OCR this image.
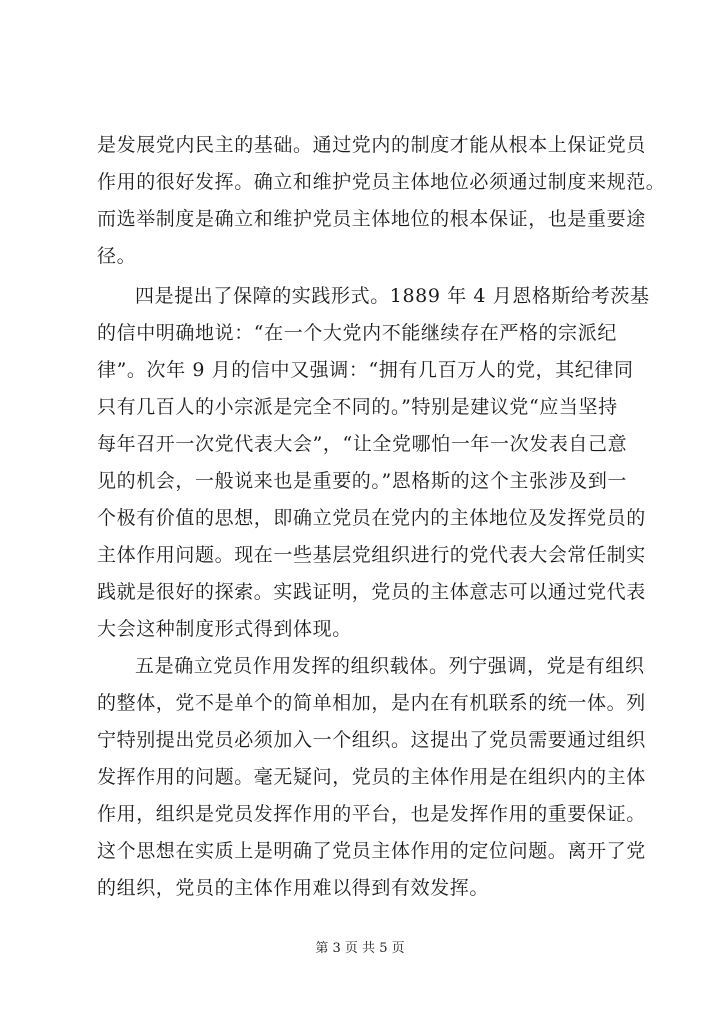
是发展党内民主的基础。通过党内的制度才能从根本上保证党员
作用的很好发挥。确立和维护党员主体地位必须通过制度来规范。
而选举制度是确立和维护党员主体地位的根本保证，也是重要途
径。
四是提出了保障的实践形式。1889 年 4 月恩格斯给考茨基
的信中明确地说：“在一个大党内不能继续存在严格的宗派纪
律”。次年 9 月的信中又强调：“拥有几百万人的党，其纪律同
只有几百人的小宗派是完全不同的。”特别是建议党“应当坚持
每年召开一次党代表大会”，“让全党哪怕一年一次发表自己意
见的机会，一般说来也是重要的。”恩格斯的这个主张涉及到一
个极有价值的思想，即确立党员在党内的主体地位及发挥党员的
主体作用问题。现在一些基层党组织进行的党代表大会常任制实
践就是很好的探索。实践证明，党员的主体意志可以通过党代表
大会这种制度形式得到体现。
五是确立党员作用发挥的组织载体。列宁强调，党是有组织
的整体，党不是单个的简单相加，是内在有机联系的统一体。列
宁特别提出党员必须加入一个组织。这提出了党员需要通过组织
发挥作用的问题。毫无疑问，党员的主体作用是在组织内的主体
作用，组织是党员发挥作用的平台，也是发挥作用的重要保证。
这个思想在实质上是明确了党员主体作用的定位问题。离开了党
的组织，党员的主体作用难以得到有效发挥。
第 3 页 共 5 页
